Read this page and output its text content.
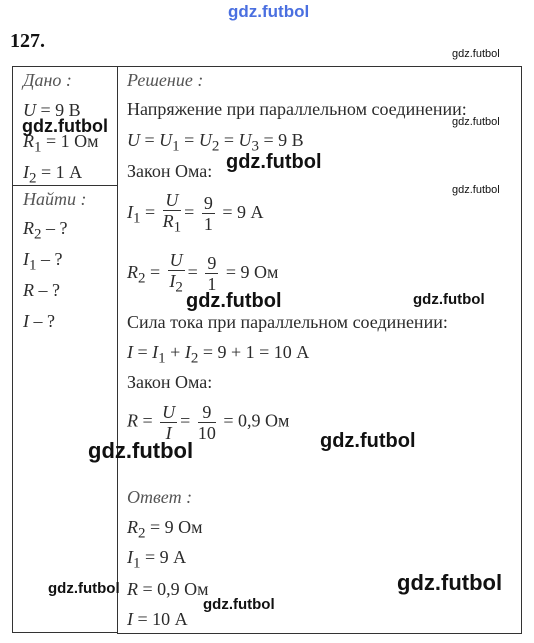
gdz.futbol
127.
gdz.futbol
Дано :
U = 9 В
$R_1 = 1$ Ом
$I_2 = 1$ А
gdz.futbol
Найти :
$R_2$ – ?
$I_1$ – ?
R – ?
I – ?
Решение :
Напряжение при параллельном соединении:
gdz.futbol
$U = U_1 = U_2 = U_3 = 9$ В
Закон Ома: gdz.futbol
gdz.futbol
$I_1 = \frac{U}{R_1} = \frac{9}{1} = 9$ А
$R_2 = \frac{U}{I_2} = \frac{9}{1} = 9$ Ом
gdz.futbol	gdz.futbol
Сила тока при параллельном соединении:
$I = I_1 + I_2 = 9 + 1 = 10$ А
Закон Ома:
$R = \frac{U}{I} = \frac{9}{10} = 0,9$ Ом
gdz.futbol	gdz.futbol
Ответ :
$R_2 = 9$ Ом
$I_1 = 9$ А
R = 0,9 Ом
I = 10 А
gdz.futbol
gdz.futbol
gdz.futbol
